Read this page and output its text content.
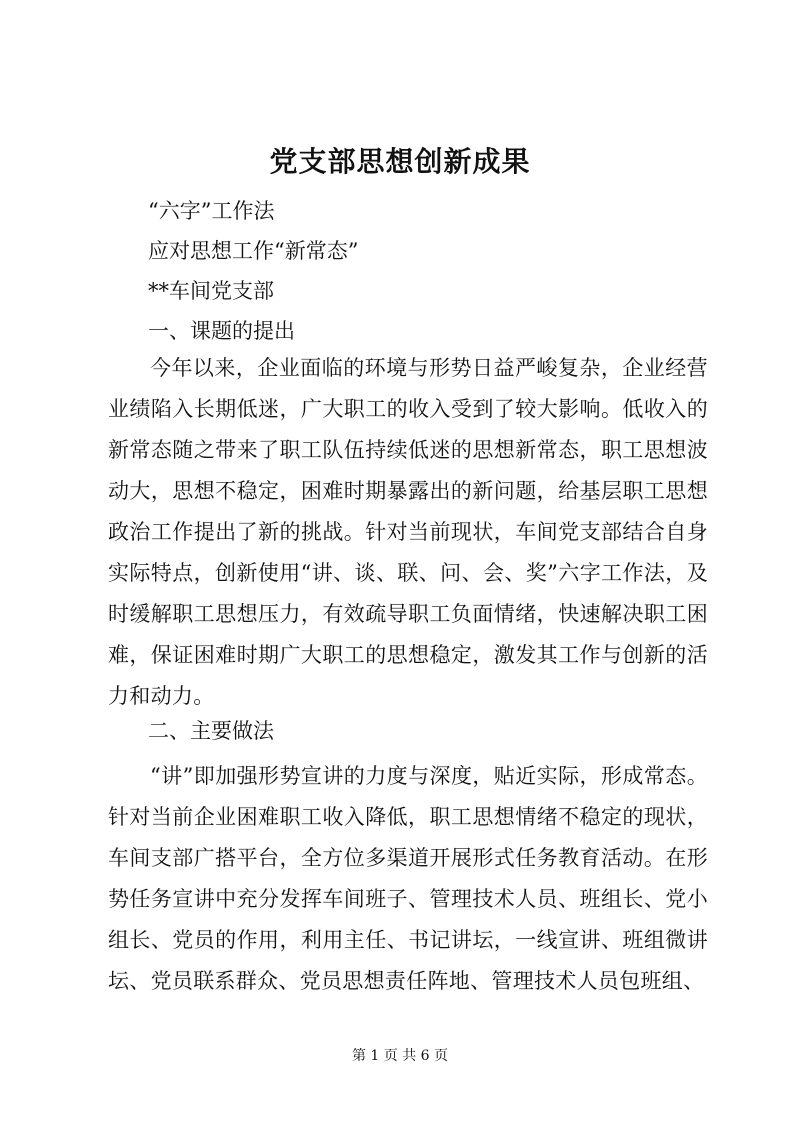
党支部思想创新成果
“六字”工作法
应对思想工作“新常态”
**车间党支部
一、课题的提出
今年以来，企业面临的环境与形势日益严峻复杂，企业经营业绩陷入长期低迷，广大职工的收入受到了较大影响。低收入的新常态随之带来了职工队伍持续低迷的思想新常态，职工思想波动大，思想不稳定，困难时期暴露出的新问题，给基层职工思想政治工作提出了新的挑战。针对当前现状，车间党支部结合自身实际特点，创新使用“讲、谈、联、问、会、奖”六字工作法，及时缓解职工思想压力，有效疏导职工负面情绪，快速解决职工困难，保证困难时期广大职工的思想稳定，激发其工作与创新的活力和动力。
二、主要做法
“讲”即加强形势宣讲的力度与深度，贴近实际，形成常态。针对当前企业困难职工收入降低，职工思想情绪不稳定的现状，车间支部广搭平台，全方位多渠道开展形式任务教育活动。在形势任务宣讲中充分发挥车间班子、管理技术人员、班组长、党小组长、党员的作用，利用主任、书记讲坛，一线宣讲、班组微讲坛、党员联系群众、党员思想责任阵地、管理技术人员包班组、
第 1 页 共 6 页
